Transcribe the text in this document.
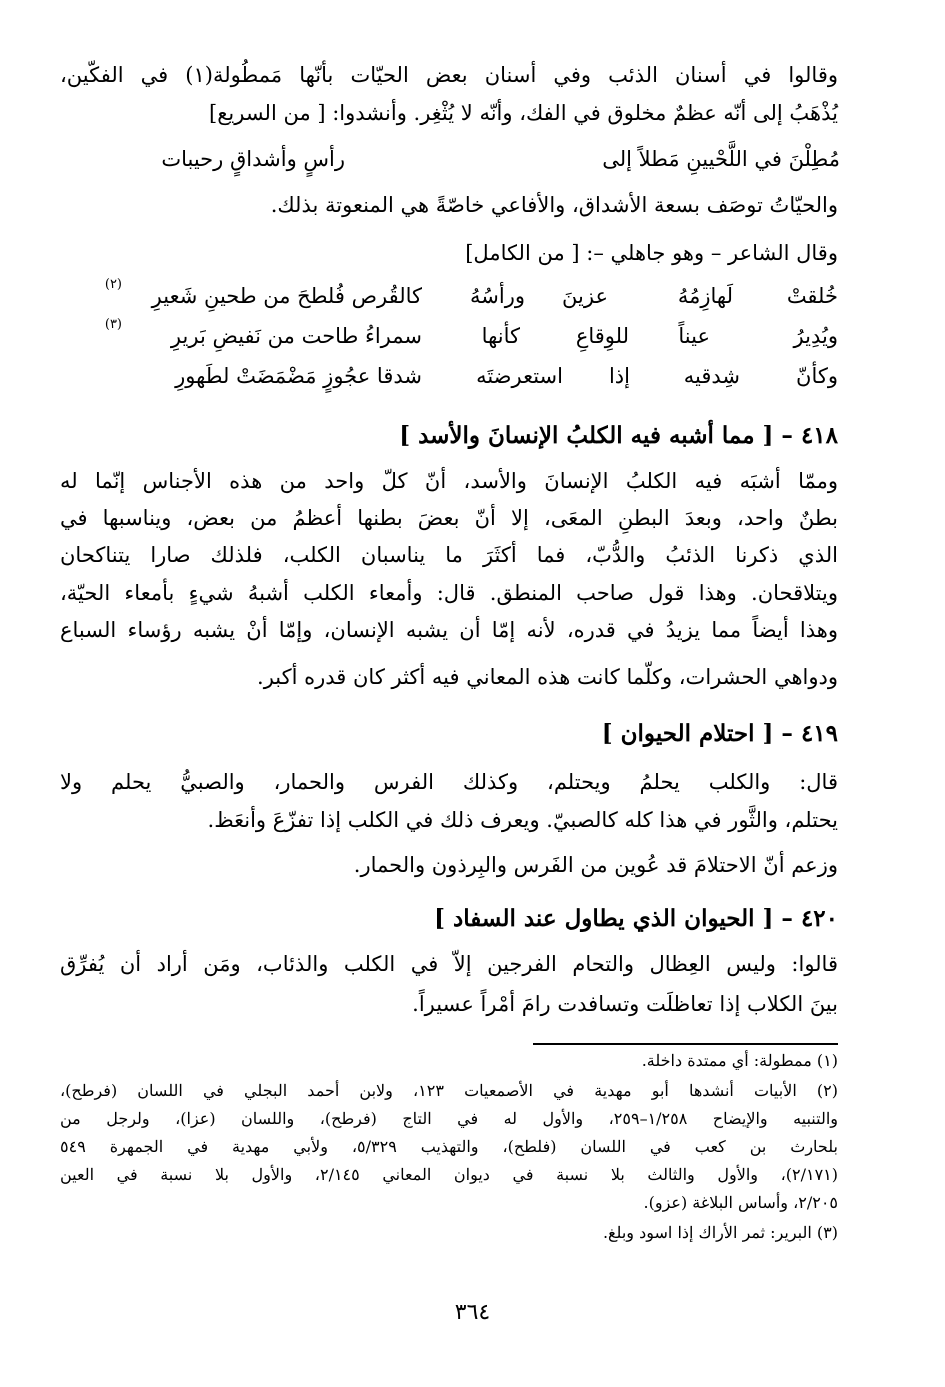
وقالوا في أسنان الذئب وفي أسنان بعض الحيّات بأنّها مَمطُولة(١) في الفكّين،
يُذْهَبُ إلى أنّه عظمٌ مخلوق في الفك، وأنّه لا يُثْغِر. وأنشدوا: [ من السريع]
مُطِلْنَ في اللَّحْيينِ مَطلاً إلى
رأسٍ وأشداقٍ رحيبات
والحيّاتُ توصَف بسعة الأشداق، والأفاعي خاصّةً هي المنعوتة بذلك.
وقال الشاعر – وهو جاهلي –: [ من الكامل]
خُلقتْ
لَهازِمُهُ
عزينَ
ورأسُهُ
كالقُرص فُلطحَ من طحينِ شَعيرِ
(٢)
ويُدِيرُ
عيناً
للوِقاعِ
كأنها
سمراءُ طاحت من نَفيضِ بَريرِ
(٣)
وكأنّ
شِدقيه
إذا
استعرضتَه
شدقا عجُوزٍ مَضْمَضَتْ لطَهورِ
٤١٨ – [ مما أشبه فيه الكلبُ الإنسانَ والأسد ]
وممّا أشبَه فيه الكلبُ الإنسانَ والأسد، أنّ كلّ واحد من هذه الأجناس إنّما له
بطنٌ واحد، وبعدَ البطنِ المعَى، إلا أنّ بعضَ بطنها أعظمُ من بعض، ويناسبها في
الذي ذكرنا الذئبُ والدُّبّ، فما أكثَرَ ما يناسبان الكلب، فلذلك صارا يتناكحان
ويتلاقحان. وهذا قول صاحب المنطق. قال: وأمعاء الكلب أشبهُ شيءٍ بأمعاء الحيّة،
وهذا أيضاً مما يزيدُ في قدره، لأنه إمّا أن يشبه الإنسان، وإمّا أنْ يشبه رؤساء السباع
ودواهي الحشرات، وكلّما كانت هذه المعاني فيه أكثر كان قدره أكبر.
٤١٩ – [ احتلام الحيوان ]
قال: والكلب يحلمُ ويحتلم، وكذلك الفرس والحمار، والصبيُّ يحلم ولا
يحتلم، والثَّور في هذا كله كالصبيّ. ويعرف ذلك في الكلب إذا تفزّعَ وأنعَظ.
وزعم أنّ الاحتلامَ قد عُوين من الفَرس والبِرذون والحمار.
٤٢٠ – [ الحيوان الذي يطاول عند السفاد ]
قالوا: وليس العِظال والتحام الفرجين إلاّ في الكلب والذئاب، ومَن أراد أن يُفرِّق
بينَ الكلاب إذا تعاظلَت وتسافدت رامَ أمْراً عسيراً.
(١) ممطولة: أي ممتدة داخلة.
(٢) الأبيات أنشدها أبو مهدية في الأصمعيات ١٢٣، ولابن أحمد البجلي في اللسان (فرطح)،
والتنبيه والإيضاح ١/٢٥٨–٢٥٩، والأول له في التاج (فرطح)، واللسان (عزا)، ولرجل من
بلحارث بن كعب في اللسان (فلطح)، والتهذيب ٥/٣٢٩، ولأبي مهدية في الجمهرة ٥٤٩
(٢/١٧١)، والأول والثالث بلا نسبة في ديوان المعاني ٢/١٤٥، والأول بلا نسبة في العين
٢/٢٠٥، وأساس البلاغة (عزو).
(٣) البرير: ثمر الأراك إذا اسود وبلغ.
٣٦٤
